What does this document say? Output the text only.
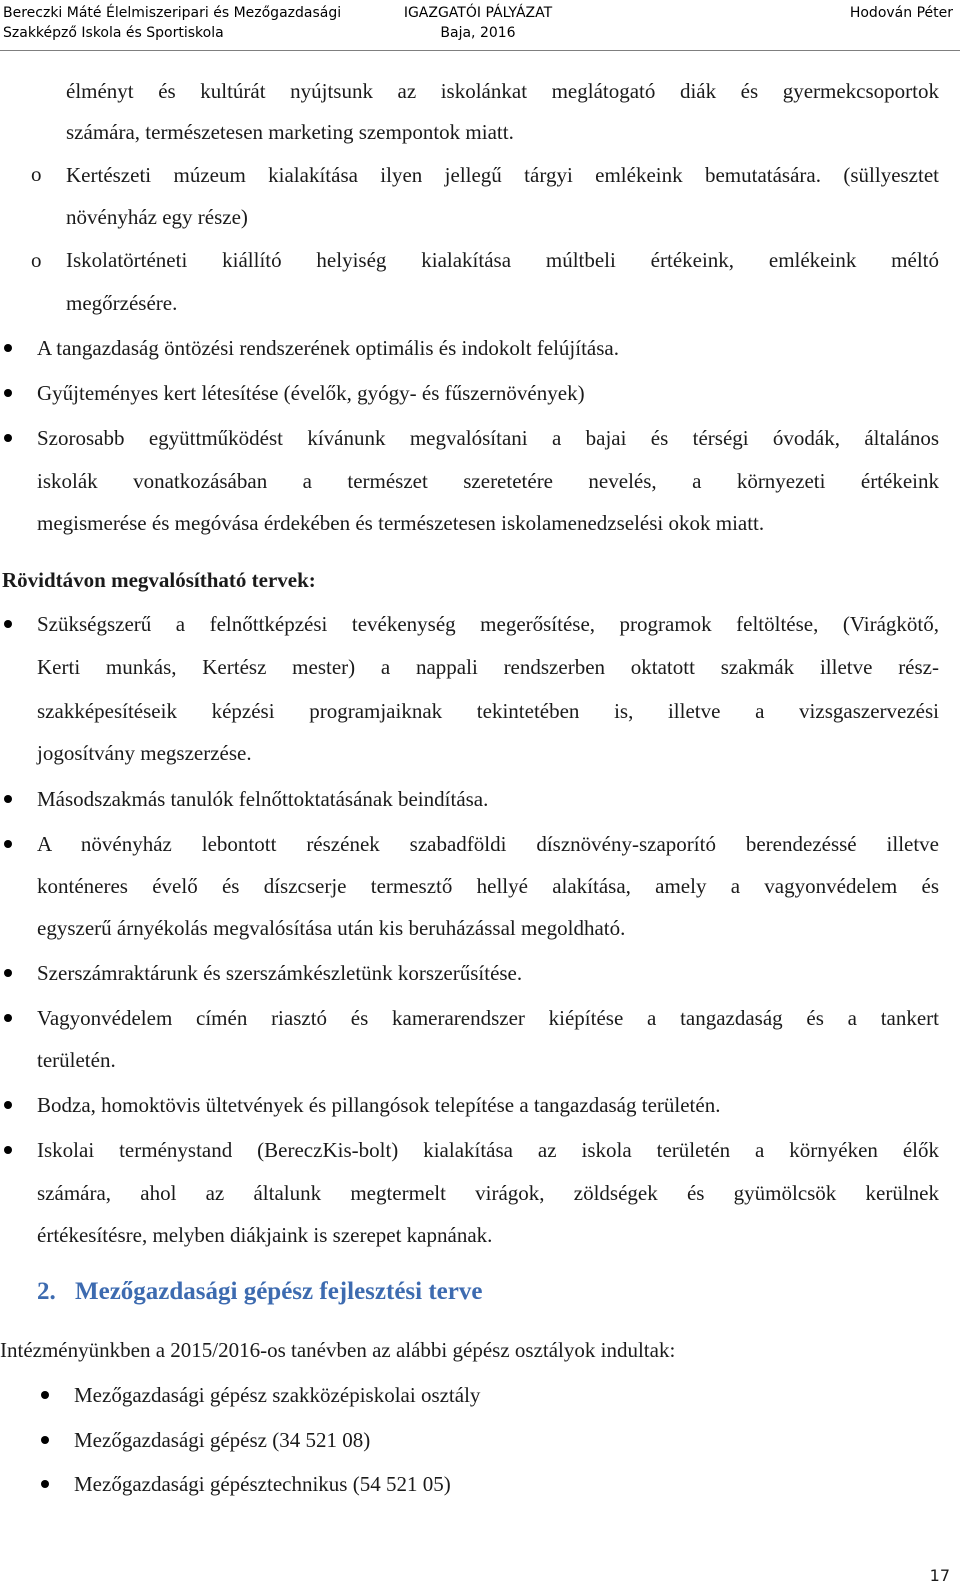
Bereczki Máté Élelmiszeripari és Mezőgazdasági
Szakképző Iskola és Sportiskola
IGAZGATÓI PÁLYÁZAT
Baja, 2016
Hodován Péter
élményt és kultúrát nyújtsunk az iskolánkat meglátogató diák és gyermekcsoportok
számára, természetesen marketing szempontok miatt.
o Kertészeti múzeum kialakítása ilyen jellegű tárgyi emlékeink bemutatására. (süllyesztet
növényház egy része)
o Iskolatörténeti kiállító helyiség kialakítása múltbeli értékeink, emlékeink méltó
megőrzésére.
A tangazdaság öntözési rendszerének optimális és indokolt felújítása.
Gyűjteményes kert létesítése (évelők, gyógy- és fűszernövények)
Szorosabb együttműködést kívánunk megvalósítani a bajai és térségi óvodák, általános
iskolák vonatkozásában a természet szeretetére nevelés, a környezeti értékeink
megismerése és megóvása érdekében és természetesen iskolamenedzselési okok miatt.
Rövidtávon megvalósítható tervek:
Szükségszerű a felnőttképzési tevékenység megerősítése, programok feltöltése, (Virágkötő,
Kerti munkás, Kertész mester) a nappali rendszerben oktatott szakmák illetve rész-
szakképesítéseik képzési programjaiknak tekintetében is, illetve a vizsgaszervezési
jogosítvány megszerzése.
Másodszakmás tanulók felnőttoktatásának beindítása.
A növényház lebontott részének szabadföldi dísznövény-szaporító berendezéssé illetve
konténeres évelő és díszcserje termesztő hellyé alakítása, amely a vagyonvédelem és
egyszerű árnyékolás megvalósítása után kis beruházással megoldható.
Szerszámraktárunk és szerszámkészletünk korszerűsítése.
Vagyonvédelem címén riasztó és kamerarendszer kiépítése a tangazdaság és a tankert
területén.
Bodza, homoktövis ültetvények és pillangósok telepítése a tangazdaság területén.
Iskolai terménystand (BereczKis-bolt) kialakítása az iskola területén a környéken élők
számára, ahol az általunk megtermelt virágok, zöldségek és gyümölcsök kerülnek
értékesítésre, melyben diákjaink is szerepet kapnának.
2. Mezőgazdasági gépész fejlesztési terve
Intézményünkben a 2015/2016-os tanévben az alábbi gépész osztályok indultak:
Mezőgazdasági gépész szakközépiskolai osztály
Mezőgazdasági gépész (34 521 08)
Mezőgazdasági gépésztechnikus (54 521 05)
17
